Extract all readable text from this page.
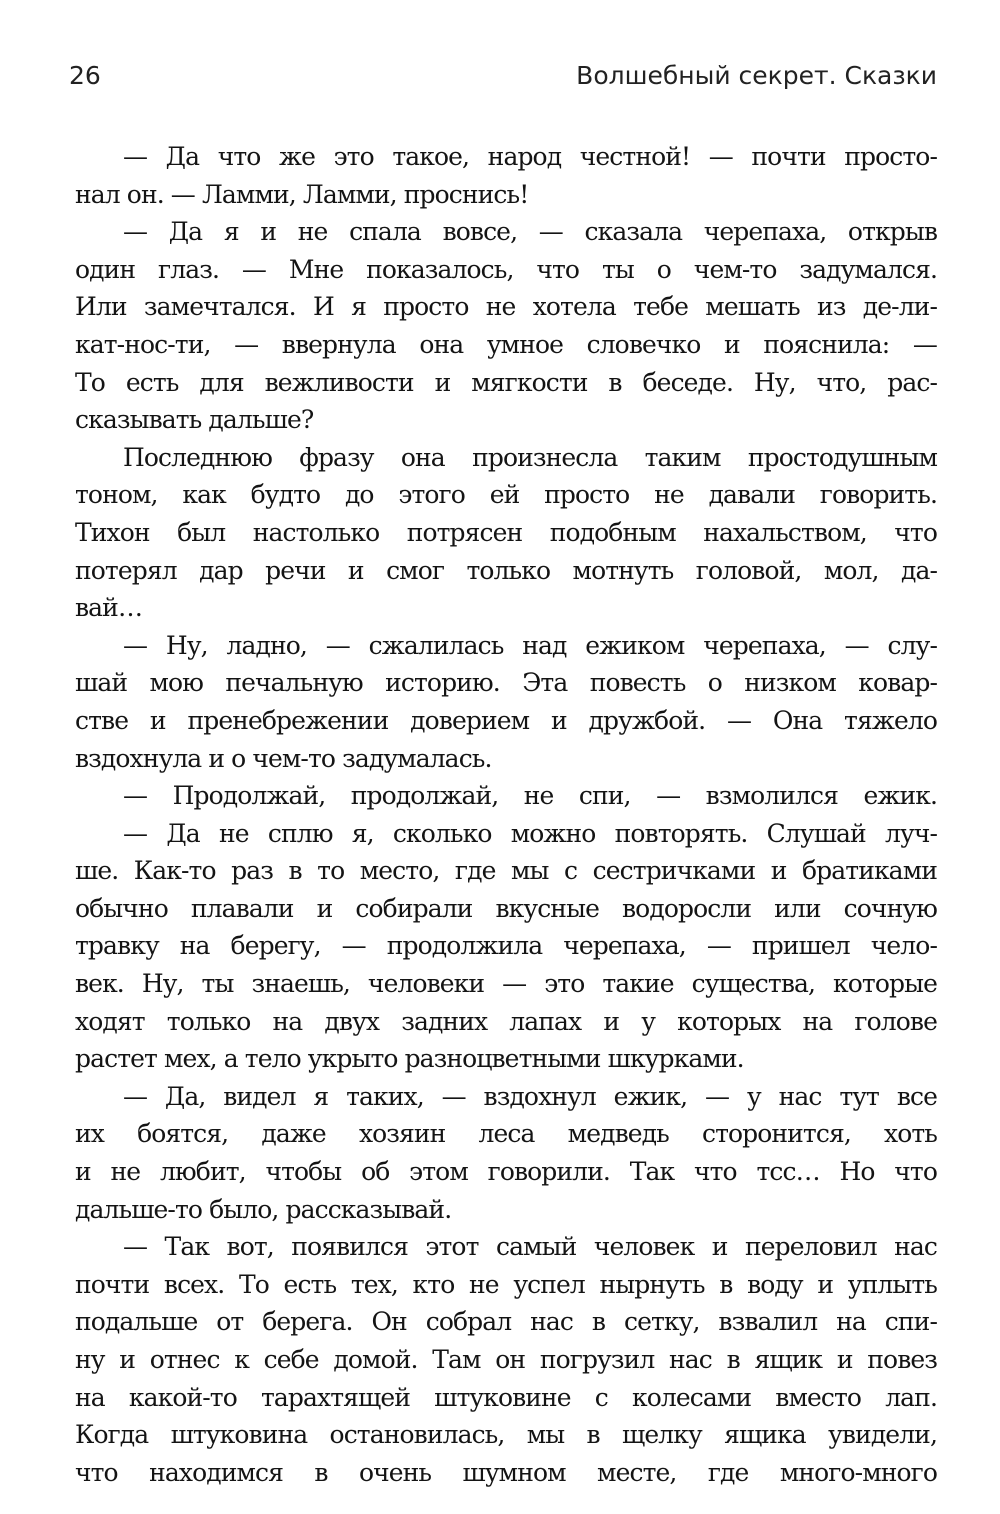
26	Волшебный секрет. Сказки
— Да что же это такое, народ честной! — почти просто-
нал он. — Ламми, Ламми, проснись!
— Да я и не спала вовсе, — сказала черепаха, открыв
один глаз. — Мне показалось, что ты о чем-то задумался.
Или замечтался. И я просто не хотела тебе мешать из де-ли-
кат-нос-ти, — ввернула она умное словечко и пояснила: —
То есть для вежливости и мягкости в беседе. Ну, что, рас-
сказывать дальше?
Последнюю фразу она произнесла таким простодушным
тоном, как будто до этого ей просто не давали говорить.
Тихон был настолько потрясен подобным нахальством, что
потерял дар речи и смог только мотнуть головой, мол, да-
вай…
— Ну, ладно, — сжалилась над ежиком черепаха, — слу-
шай мою печальную историю. Эта повесть о низком ковар-
стве и пренебрежении доверием и дружбой. — Она тяжело
вздохнула и о чем-то задумалась.
— Продолжай, продолжай, не спи, — взмолился ежик.
— Да не сплю я, сколько можно повторять. Слушай луч-
ше. Как-то раз в то место, где мы с сестричками и братиками
обычно плавали и собирали вкусные водоросли или сочную
травку на берегу, — продолжила черепаха, — пришел чело-
век. Ну, ты знаешь, человеки — это такие существа, которые
ходят только на двух задних лапах и у которых на голове
растет мех, а тело укрыто разноцветными шкурками.
— Да, видел я таких, — вздохнул ежик, — у нас тут все
их боятся, даже хозяин леса медведь сторонится, хоть
и не любит, чтобы об этом говорили. Так что тсс… Но что
дальше-то было, рассказывай.
— Так вот, появился этот самый человек и переловил нас
почти всех. То есть тех, кто не успел нырнуть в воду и уплыть
подальше от берега. Он собрал нас в сетку, взвалил на спи-
ну и отнес к себе домой. Там он погрузил нас в ящик и повез
на какой-то тарахтящей штуковине с колесами вместо лап.
Когда штуковина остановилась, мы в щелку ящика увидели,
что находимся в очень шумном месте, где много-много
